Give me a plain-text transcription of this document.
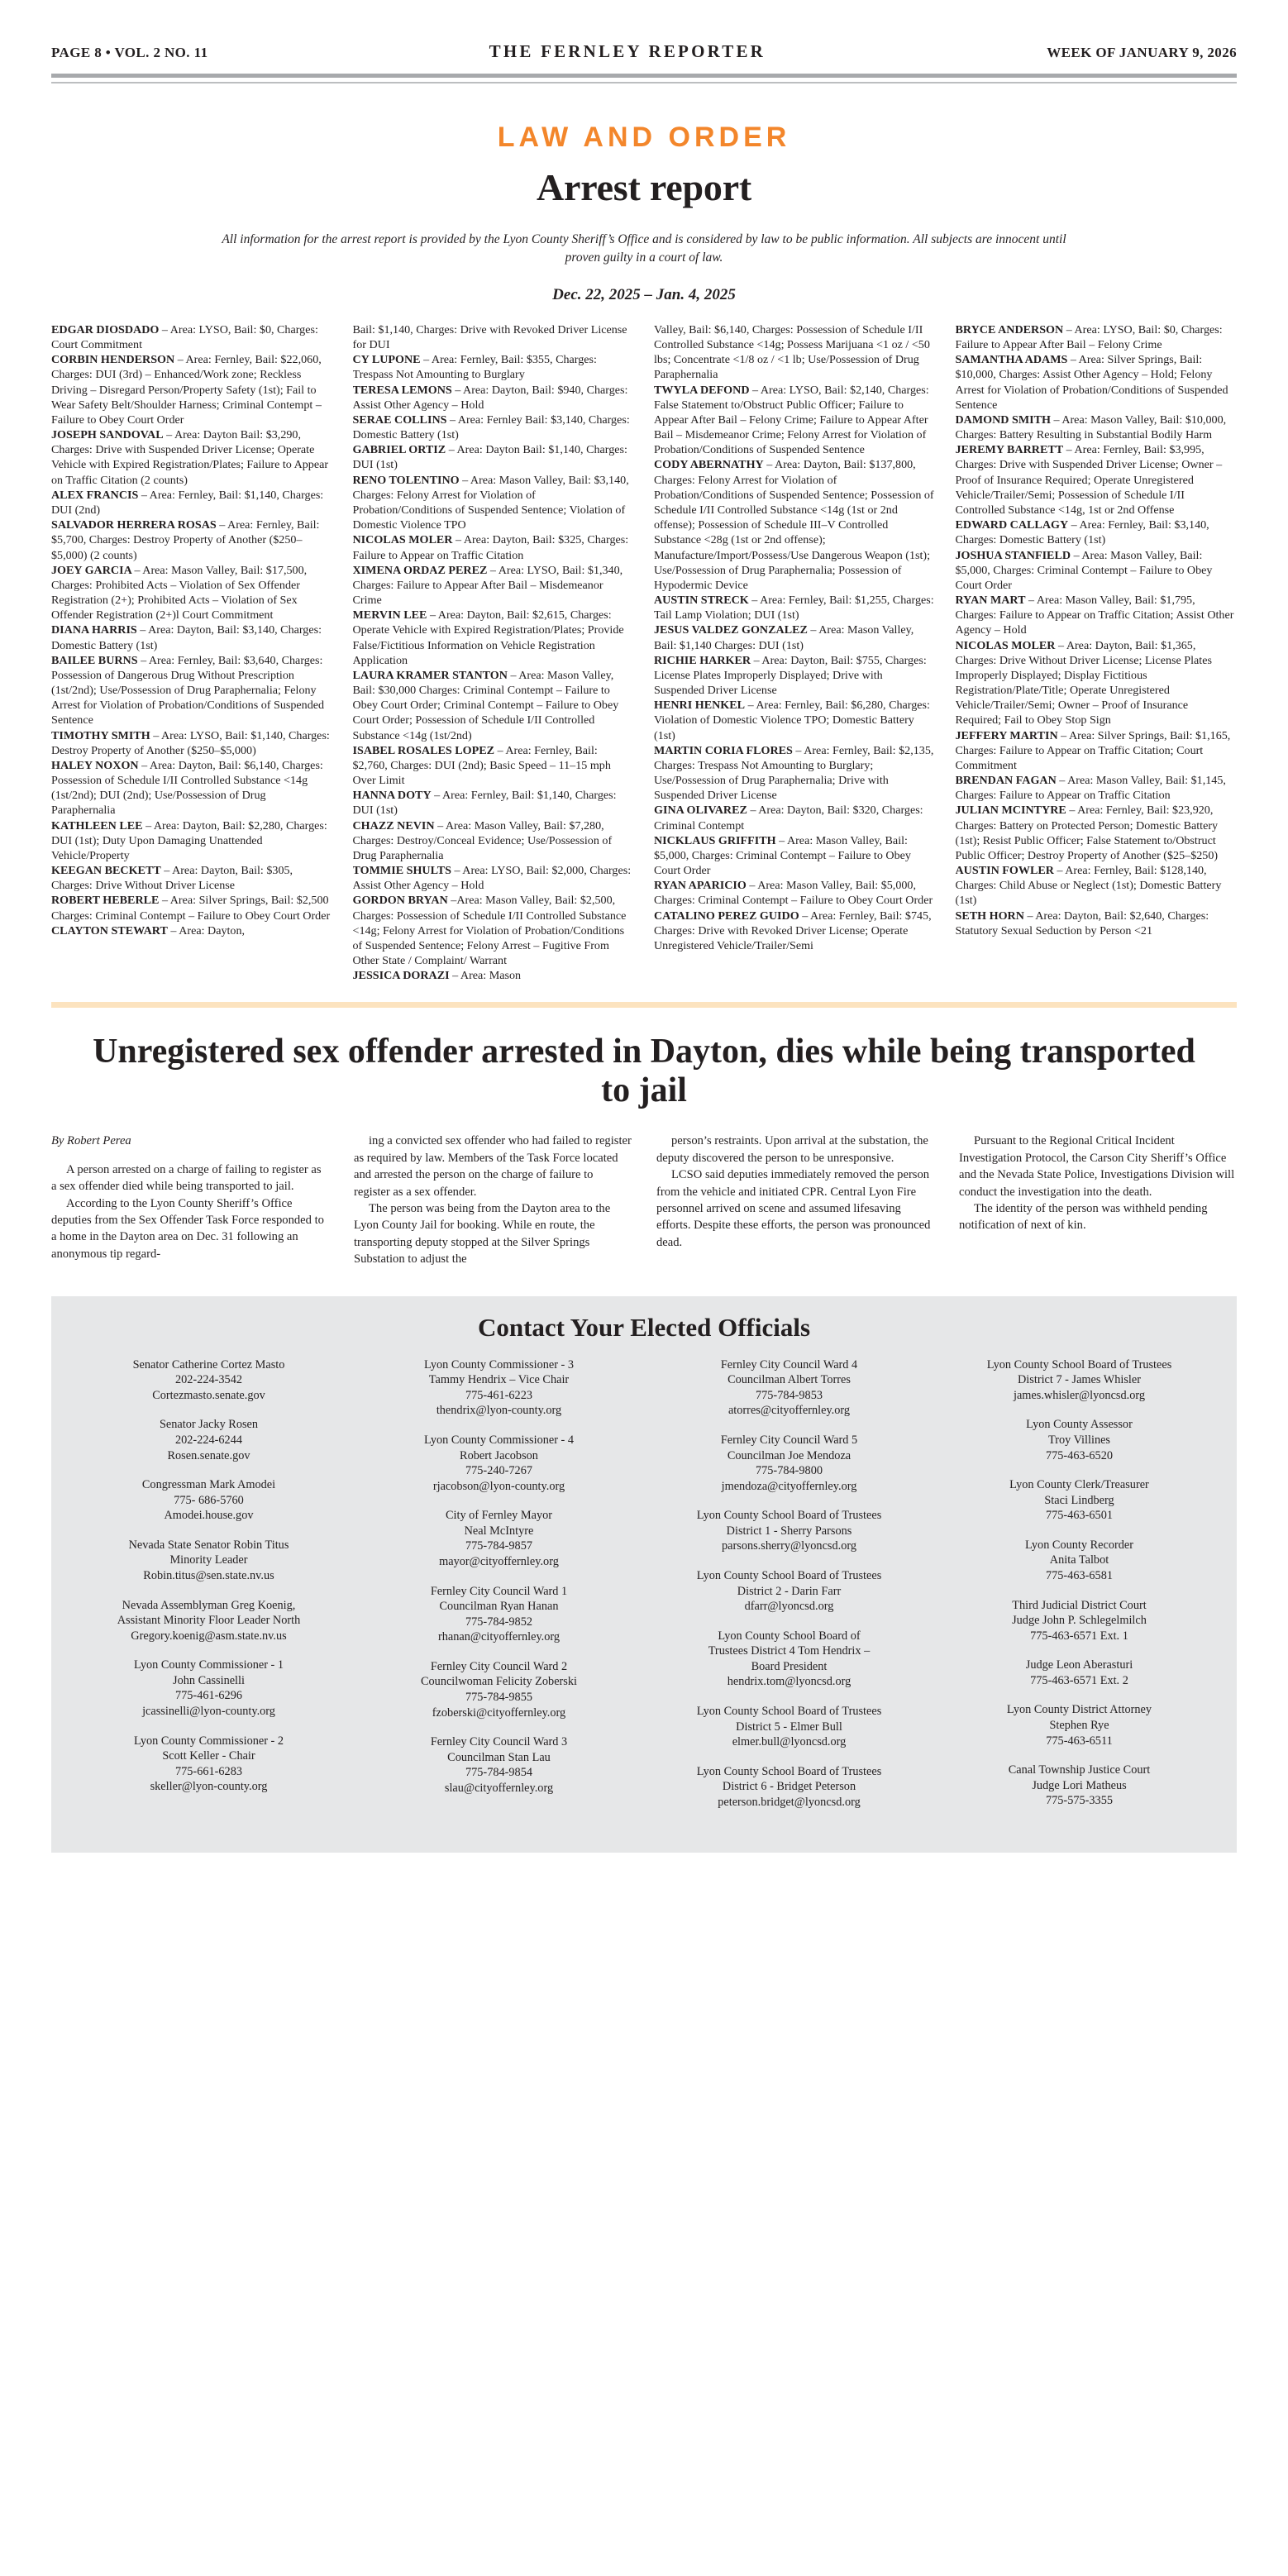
PAGE 8 • VOL. 2 NO. 11	THE FERNLEY REPORTER	WEEK OF JANUARY 9, 2026
LAW AND ORDER
Arrest report
All information for the arrest report is provided by the Lyon County Sheriff’s Office and is considered by law to be public information. All subjects are innocent until proven guilty in a court of law.
Dec. 22, 2025 – Jan. 4, 2025

EDGAR DIOSDADO – Area: LYSO, Bail: $0, Charges: Court Commitment

CORBIN HENDERSON – Area: Fernley, Bail: $22,060, Charges: DUI (3rd) – Enhanced/Work zone; Reckless Driving – Disregard Person/Property Safety (1st); Fail to Wear Safety Belt/Shoulder Harness; Criminal Contempt – Failure to Obey Court Order

JOSEPH SANDOVAL – Area: Dayton Bail: $3,290, Charges: Drive with Suspended Driver License; Operate Vehicle with Expired Registration/Plates; Failure to Appear on Traffic Citation (2 counts)

ALEX FRANCIS – Area: Fernley, Bail: $1,140, Charges: DUI (2nd)

SALVADOR HERRERA ROSAS – Area: Fernley, Bail: $5,700, Charges: Destroy Property of Another ($250–$5,000) (2 counts)

JOEY GARCIA – Area: Mason Valley, Bail: $17,500, Charges: Prohibited Acts – Violation of Sex Offender Registration (2+); Prohibited Acts – Violation of Sex Offender Registration (2+)l Court Commitment

DIANA HARRIS – Area: Dayton, Bail: $3,140, Charges: Domestic Battery (1st)

BAILEE BURNS – Area: Fernley, Bail: $3,640, Charges: Possession of Dangerous Drug Without Prescription (1st/2nd); Use/Possession of Drug Paraphernalia; Felony Arrest for Violation of Probation/Conditions of Suspended Sentence

TIMOTHY SMITH – Area: LYSO, Bail: $1,140, Charges: Destroy Property of Another ($250–$5,000)

HALEY NOXON – Area: Dayton, Bail: $6,140, Charges: Possession of Schedule I/II Controlled Substance <14g (1st/2nd); DUI (2nd); Use/Possession of Drug Paraphernalia

KATHLEEN LEE – Area: Dayton, Bail: $2,280, Charges: DUI (1st); Duty Upon Damaging Unattended Vehicle/Property

KEEGAN BECKETT – Area: Dayton, Bail: $305, Charges: Drive Without Driver License

ROBERT HEBERLE – Area: Silver Springs, Bail: $2,500 Charges: Criminal Contempt – Failure to Obey Court Order

CLAYTON STEWART – Area: Dayton,

Bail: $1,140, Charges: Drive with Revoked Driver License for DUI

CY LUPONE – Area: Fernley, Bail: $355, Charges: Trespass Not Amounting to Burglary

TERESA LEMONS – Area: Dayton, Bail: $940, Charges: Assist Other Agency – Hold

SERAE COLLINS – Area: Fernley Bail: $3,140, Charges: Domestic Battery (1st)

GABRIEL ORTIZ – Area: Dayton Bail: $1,140, Charges: DUI (1st)

RENO TOLENTINO – Area: Mason Valley, Bail: $3,140, Charges: Felony Arrest for Violation of Probation/Conditions of Suspended Sentence; Violation of Domestic Violence TPO

NICOLAS MOLER – Area: Dayton, Bail: $325, Charges: Failure to Appear on Traffic Citation

XIMENA ORDAZ PEREZ – Area: LYSO, Bail: $1,340, Charges: Failure to Appear After Bail – Misdemeanor Crime

MERVIN LEE – Area: Dayton, Bail: $2,615, Charges: Operate Vehicle with Expired Registration/Plates; Provide False/Fictitious Information on Vehicle Registration Application

LAURA KRAMER STANTON – Area: Mason Valley, Bail: $30,000 Charges: Criminal Contempt – Failure to Obey Court Order; Criminal Contempt – Failure to Obey Court Order; Possession of Schedule I/II Controlled Substance <14g (1st/2nd)

ISABEL ROSALES LOPEZ – Area: Fernley, Bail: $2,760, Charges: DUI (2nd); Basic Speed – 11–15 mph Over Limit

HANNA DOTY – Area: Fernley, Bail: $1,140, Charges: DUI (1st)

CHAZZ NEVIN – Area: Mason Valley, Bail: $7,280, Charges: Destroy/Conceal Evidence; Use/Possession of Drug Paraphernalia

TOMMIE SHULTS – Area: LYSO, Bail: $2,000, Charges: Assist Other Agency – Hold

GORDON BRYAN –Area: Mason Valley, Bail: $2,500, Charges: Possession of Schedule I/II Controlled Substance <14g; Felony Arrest for Violation of Probation/Conditions of Suspended Sentence; Felony Arrest – Fugitive From Other State / Complaint/ Warrant

JESSICA DORAZI – Area: Mason

Valley, Bail: $6,140, Charges: Possession of Schedule I/II Controlled Substance <14g; Possess Marijuana <1 oz / <50 lbs; Concentrate <1/8 oz / <1 lb; Use/Possession of Drug Paraphernalia

TWYLA DEFOND – Area: LYSO, Bail: $2,140, Charges: False Statement to/Obstruct Public Officer; Failure to Appear After Bail – Felony Crime; Failure to Appear After Bail – Misdemeanor Crime; Felony Arrest for Violation of Probation/Conditions of Suspended Sentence

CODY ABERNATHY – Area: Dayton, Bail: $137,800, Charges: Felony Arrest for Violation of Probation/Conditions of Suspended Sentence; Possession of Schedule I/II Controlled Substance <14g (1st or 2nd offense); Possession of Schedule III–V Controlled Substance <28g (1st or 2nd offense); Manufacture/Import/Possess/Use Dangerous Weapon (1st); Use/Possession of Drug Paraphernalia; Possession of Hypodermic Device

AUSTIN STRECK – Area: Fernley, Bail: $1,255, Charges: Tail Lamp Violation; DUI (1st)

JESUS VALDEZ GONZALEZ – Area: Mason Valley, Bail: $1,140 Charges: DUI (1st)

RICHIE HARKER – Area: Dayton, Bail: $755, Charges: License Plates Improperly Displayed; Drive with Suspended Driver License

HENRI HENKEL – Area: Fernley, Bail: $6,280, Charges: Violation of Domestic Violence TPO; Domestic Battery (1st)

MARTIN CORIA FLORES – Area: Fernley, Bail: $2,135, Charges: Trespass Not Amounting to Burglary; Use/Possession of Drug Paraphernalia; Drive with Suspended Driver License

GINA OLIVAREZ – Area: Dayton, Bail: $320, Charges: Criminal Contempt

NICKLAUS GRIFFITH – Area: Mason Valley, Bail: $5,000, Charges: Criminal Contempt – Failure to Obey Court Order

RYAN APARICIO – Area: Mason Valley, Bail: $5,000, Charges: Criminal Contempt – Failure to Obey Court Order

CATALINO PEREZ GUIDO – Area: Fernley, Bail: $745, Charges: Drive with Revoked Driver License; Operate Unregistered Vehicle/Trailer/Semi

BRYCE ANDERSON – Area: LYSO, Bail: $0, Charges: Failure to Appear After Bail – Felony Crime

SAMANTHA ADAMS – Area: Silver Springs, Bail: $10,000, Charges: Assist Other Agency – Hold; Felony Arrest for Violation of Probation/Conditions of Suspended Sentence

DAMOND SMITH – Area: Mason Valley, Bail: $10,000, Charges: Battery Resulting in Substantial Bodily Harm

JEREMY BARRETT – Area: Fernley, Bail: $3,995, Charges: Drive with Suspended Driver License; Owner – Proof of Insurance Required; Operate Unregistered Vehicle/Trailer/Semi; Possession of Schedule I/II Controlled Substance <14g, 1st or 2nd Offense

EDWARD CALLAGY – Area: Fernley, Bail: $3,140, Charges: Domestic Battery (1st)

JOSHUA STANFIELD – Area: Mason Valley, Bail: $5,000, Charges: Criminal Contempt – Failure to Obey Court Order

RYAN MART – Area: Mason Valley, Bail: $1,795, Charges: Failure to Appear on Traffic Citation; Assist Other Agency – Hold

NICOLAS MOLER – Area: Dayton, Bail: $1,365, Charges: Drive Without Driver License; License Plates Improperly Displayed; Display Fictitious Registration/Plate/Title; Operate Unregistered Vehicle/Trailer/Semi; Owner – Proof of Insurance Required; Fail to Obey Stop Sign

JEFFERY MARTIN – Area: Silver Springs, Bail: $1,165, Charges: Failure to Appear on Traffic Citation; Court Commitment

BRENDAN FAGAN – Area: Mason Valley, Bail: $1,145, Charges: Failure to Appear on Traffic Citation

JULIAN MCINTYRE – Area: Fernley, Bail: $23,920, Charges: Battery on Protected Person; Domestic Battery (1st); Resist Public Officer; False Statement to/Obstruct Public Officer; Destroy Property of Another ($25–$250)

AUSTIN FOWLER – Area: Fernley, Bail: $128,140, Charges: Child Abuse or Neglect (1st); Domestic Battery (1st)

SETH HORN – Area: Dayton, Bail: $2,640, Charges: Statutory Sexual Seduction by Person <21

Unregistered sex offender arrested in Dayton, dies while being transported to jail
By Robert Perea

A person arrested on a charge of failing to register as a sex offender died while being transported to jail.

According to the Lyon County Sheriff’s Office deputies from the Sex Offender Task Force responded to a home in the Dayton area on Dec. 31 following an anonymous tip regard-

ing a convicted sex offender who had failed to register as required by law. Members of the Task Force located and arrested the person on the charge of failure to register as a sex offender.

The person was being from the Dayton area to the Lyon County Jail for booking. While en route, the transporting deputy stopped at the Silver Springs Substation to adjust the

person’s restraints. Upon arrival at the substation, the deputy discovered the person to be unresponsive.

LCSO said deputies immediately removed the person from the vehicle and initiated CPR. Central Lyon Fire personnel arrived on scene and assumed lifesaving efforts. Despite these efforts, the person was pronounced dead.

Pursuant to the Regional Critical Incident Investigation Protocol, the Carson City Sheriff’s Office and the Nevada State Police, Investigations Division will conduct the investigation into the death.

The identity of the person was withheld pending notification of next of kin.

Contact Your Elected Officials
Senator Catherine Cortez Masto
202-224-3542
Cortezmasto.senate.gov
Senator Jacky Rosen
202-224-6244
Rosen.senate.gov
Congressman Mark Amodei
775- 686-5760
Amodei.house.gov
Nevada State Senator Robin Titus
Minority Leader
Robin.titus@sen.state.nv.us
Nevada Assemblyman Greg Koenig,
Assistant Minority Floor Leader North
Gregory.koenig@asm.state.nv.us
Lyon County Commissioner - 1
John Cassinelli
775-461-6296
jcassinelli@lyon-county.org
Lyon County Commissioner - 2
Scott Keller - Chair
775-661-6283
skeller@lyon-county.org
Lyon County Commissioner - 3
Tammy Hendrix – Vice Chair
775-461-6223
thendrix@lyon-county.org
Lyon County Commissioner - 4
Robert Jacobson
775-240-7267
rjacobson@lyon-county.org
City of Fernley Mayor
Neal McIntyre
775-784-9857
mayor@cityoffernley.org
Fernley City Council Ward 1
Councilman Ryan Hanan
775-784-9852
rhanan@cityoffernley.org
Fernley City Council Ward 2
Councilwoman Felicity Zoberski
775-784-9855
fzoberski@cityoffernley.org
Fernley City Council Ward 3
Councilman Stan Lau
775-784-9854
slau@cityoffernley.org
Fernley City Council Ward 4
Councilman Albert Torres
775-784-9853
atorres@cityoffernley.org
Fernley City Council Ward 5
Councilman Joe Mendoza
775-784-9800
jmendoza@cityoffernley.org
Lyon County School Board of Trustees
District 1 - Sherry Parsons
parsons.sherry@lyoncsd.org
Lyon County School Board of Trustees
District 2 - Darin Farr
dfarr@lyoncsd.org
Lyon County School Board of
Trustees District 4 Tom Hendrix –
Board President
hendrix.tom@lyoncsd.org
Lyon County School Board of Trustees
District 5 - Elmer Bull
elmer.bull@lyoncsd.org
Lyon County School Board of Trustees
District 6 - Bridget Peterson
peterson.bridget@lyoncsd.org
Lyon County School Board of Trustees
District 7 - James Whisler
james.whisler@lyoncsd.org
Lyon County Assessor
Troy Villines
775-463-6520
Lyon County Clerk/Treasurer
Staci Lindberg
775-463-6501
Lyon County Recorder
Anita Talbot
775-463-6581
Third Judicial District Court
Judge John P. Schlegelmilch
775-463-6571 Ext. 1
Judge Leon Aberasturi
775-463-6571 Ext. 2
Lyon County District Attorney
Stephen Rye
775-463-6511
Canal Township Justice Court
Judge Lori Matheus
775-575-3355
